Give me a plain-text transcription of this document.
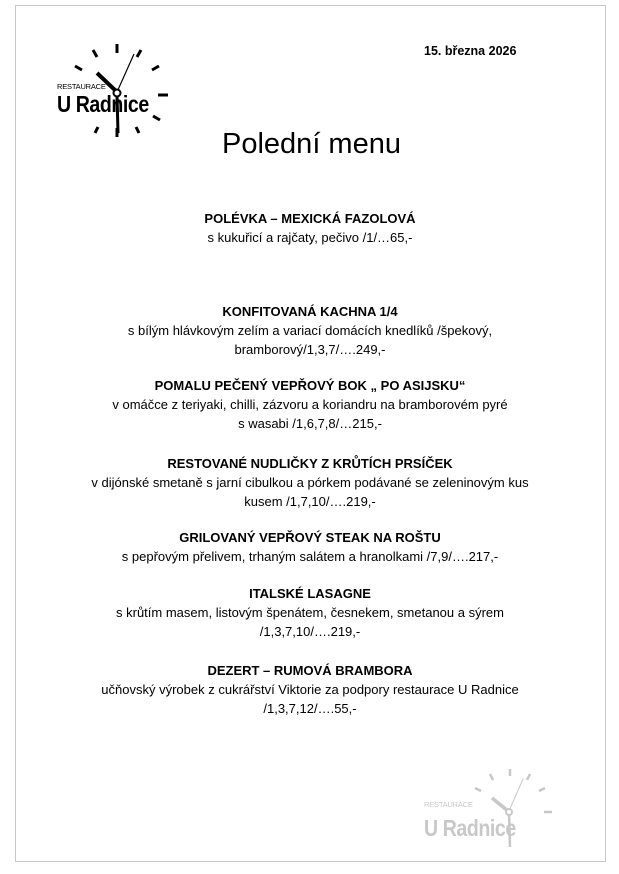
RESTAURACE
U Radnice
15. března 2026
Polední menu
POLÉVKA – MEXICKÁ FAZOLOVÁ
s kukuřicí a rajčaty, pečivo /1/…65,-
KONFITOVANÁ KACHNA 1/4
s bílým hlávkovým zelím a variací domácích knedlíků /špekový,
bramborový/1,3,7/….249,-
POMALU PEČENÝ VEPŘOVÝ BOK „ PO ASIJSKU“
v omáčce z teriyaki, chilli, zázvoru a koriandru na bramborovém pyré
s wasabi /1,6,7,8/…215,-
RESTOVANÉ NUDLIČKY Z KRŮTÍCH PRSÍČEK
v dijónské smetaně s jarní cibulkou a pórkem podávané se zeleninovým kus
kusem /1,7,10/….219,-
GRILOVANÝ VEPŘOVÝ STEAK NA ROŠTU
s pepřovým přelivem, trhaným salátem a hranolkami /7,9/….217,-
ITALSKÉ LASAGNE
s krůtím masem, listovým špenátem, česnekem, smetanou a sýrem
/1,3,7,10/….219,-
DEZERT – RUMOVÁ BRAMBORA
učňovský výrobek z cukrářství Viktorie za podpory restaurace U Radnice
/1,3,7,12/….55,-
RESTAURACE
U Radnice
